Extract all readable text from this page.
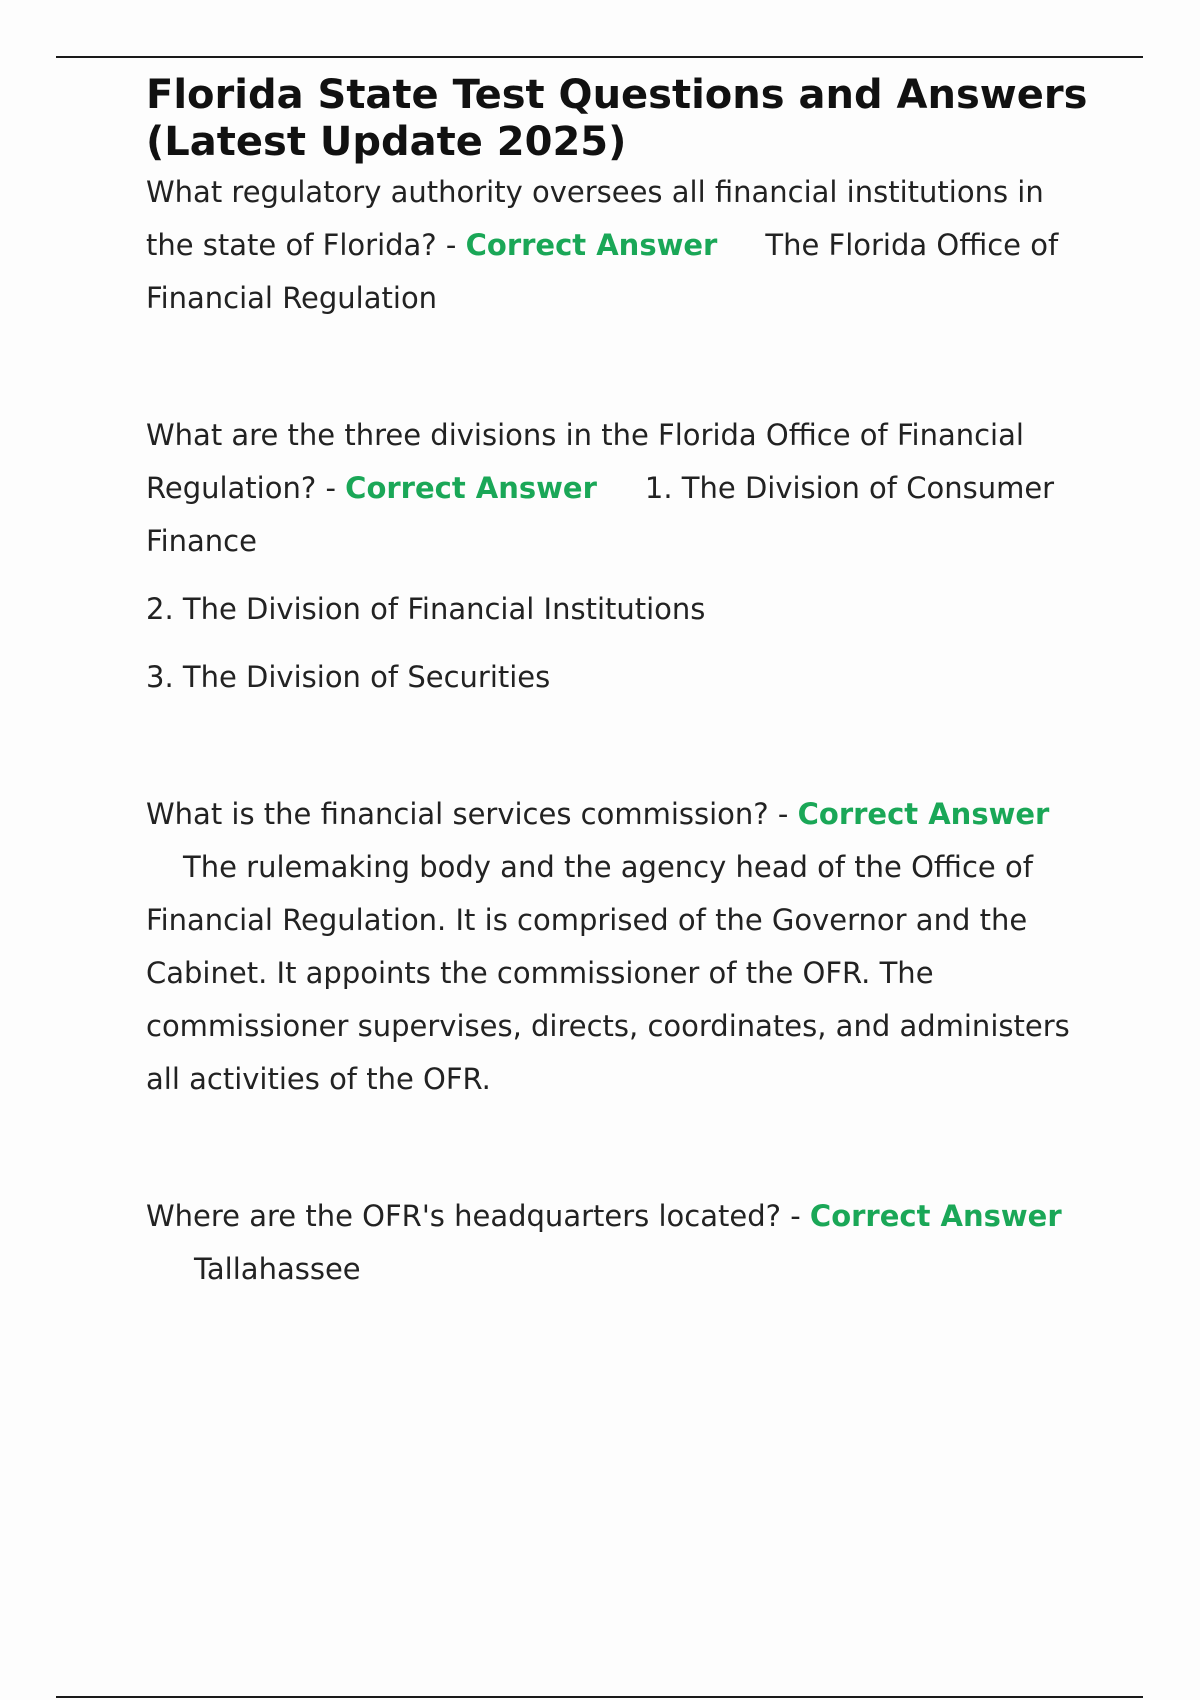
Florida State Test Questions and Answers (Latest Update 2025)

What regulatory authority oversees all financial institutions in the state of Florida? - Correct Answer The Florida Office of Financial Regulation

What are the three divisions in the Florida Office of Financial Regulation? - Correct Answer 1. The Division of Consumer Finance

2. The Division of Financial Institutions

3. The Division of Securities

What is the financial services commission? - Correct Answer
The rulemaking body and the agency head of the Office of Financial Regulation. It is comprised of the Governor and the Cabinet. It appoints the commissioner of the OFR. The commissioner supervises, directs, coordinates, and administers all activities of the OFR.

Where are the OFR's headquarters located? - Correct AnswerTallahassee
